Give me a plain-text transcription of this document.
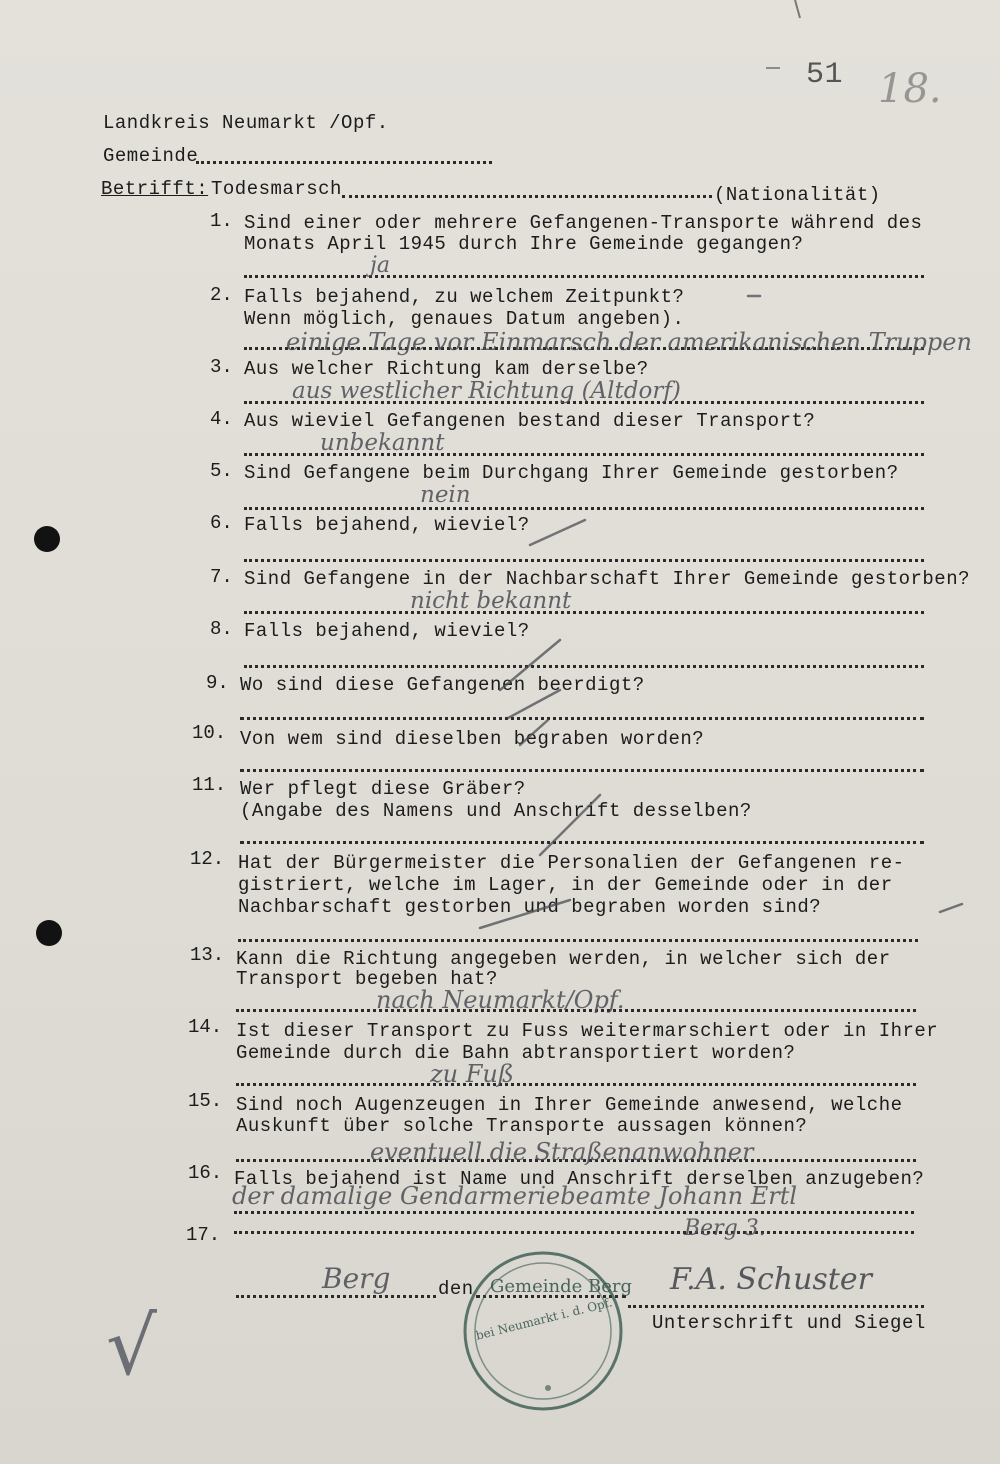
51 18.
Landkreis Neumarkt /Opf.
Gemeinde
Betrifft: Todesmarsch	(Nationalität)
1. Sind einer oder mehrere Gefangenen-Transporte während des
Monats April 1945 durch Ihre Gemeinde gegangen?
ja
2. Falls bejahend, zu welchem Zeitpunkt?
Wenn möglich, genaues Datum angeben).
einige Tage vor Einmarsch der amerikanischen Truppen
3. Aus welcher Richtung kam derselbe?
aus westlicher Richtung (Altdorf)
4. Aus wieviel Gefangenen bestand dieser Transport?
unbekannt
5. Sind Gefangene beim Durchgang Ihrer Gemeinde gestorben?
nein
6. Falls bejahend, wieviel?
7. Sind Gefangene in der Nachbarschaft Ihrer Gemeinde gestorben?
nicht bekannt
8. Falls bejahend, wieviel?
9. Wo sind diese Gefangenen beerdigt?
10. Von wem sind dieselben begraben worden?
11. Wer pflegt diese Gräber?
(Angabe des Namens und Anschrift desselben?
12. Hat der Bürgermeister die Personalien der Gefangenen re-
gistriert, welche im Lager, in der Gemeinde oder in der
Nachbarschaft gestorben und begraben worden sind?
13. Kann die Richtung angegeben werden, in welcher sich der
Transport begeben hat?
nach Neumarkt/Opf.
14. Ist dieser Transport zu Fuss weitermarschiert oder in Ihrer
Gemeinde durch die Bahn abtransportiert worden?
zu Fuß
15. Sind noch Augenzeugen in Ihrer Gemeinde anwesend, welche
Auskunft über solche Transporte aussagen können?
eventuell die Straßenanwohner
16. Falls bejahend ist Name und Anschrift derselben anzugeben?
der damalige Gendarmeriebeamte Johann Ertl
17.	Berg 3.
Berg	den	F.A. Schuster
Unterschrift und Siegel
Gemeinde Berg
bei Neumarkt i. d. Opf.
√
